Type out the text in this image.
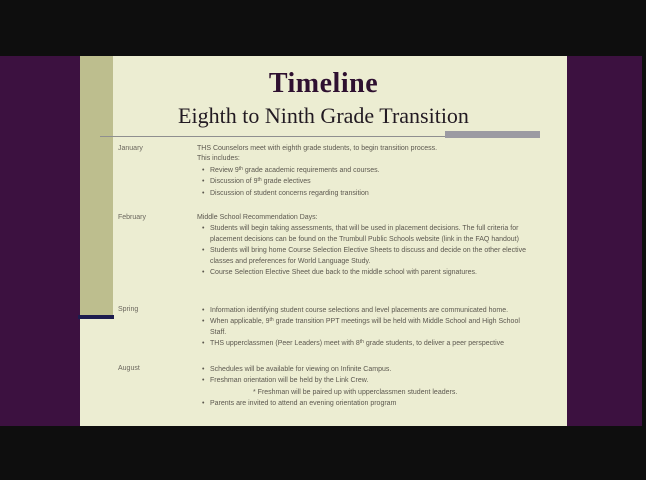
Timeline
Eighth to Ninth Grade Transition
January	THS Counselors meet with eighth grade students, to begin transition process.
This includes:
• Review 9th grade academic requirements and courses.
• Discussion of 9th grade electives
• Discussion of student concerns regarding transition
February	Middle School Recommendation Days:
• Students will begin taking assessments, that will be used in placement decisions. The full criteria for placement decisions can be found on the Trumbull Public Schools website (link in the FAQ handout)
• Students will bring home Course Selection Elective Sheets to discuss and decide on the other elective classes and preferences for World Language Study.
• Course Selection Elective Sheet due back to the middle school with parent signatures.
Spring	• Information identifying student course selections and level placements are communicated home.
• When applicable, 9th grade transition PPT meetings will be held with Middle School and High School Staff.
• THS upperclassmen (Peer Leaders) meet with 8th grade students, to deliver a peer perspective
August	• Schedules will be available for viewing on Infinite Campus.
• Freshman orientation will be held by the Link Crew.
* Freshman will be paired up with upperclassmen student leaders.
• Parents are invited to attend an evening orientation program
